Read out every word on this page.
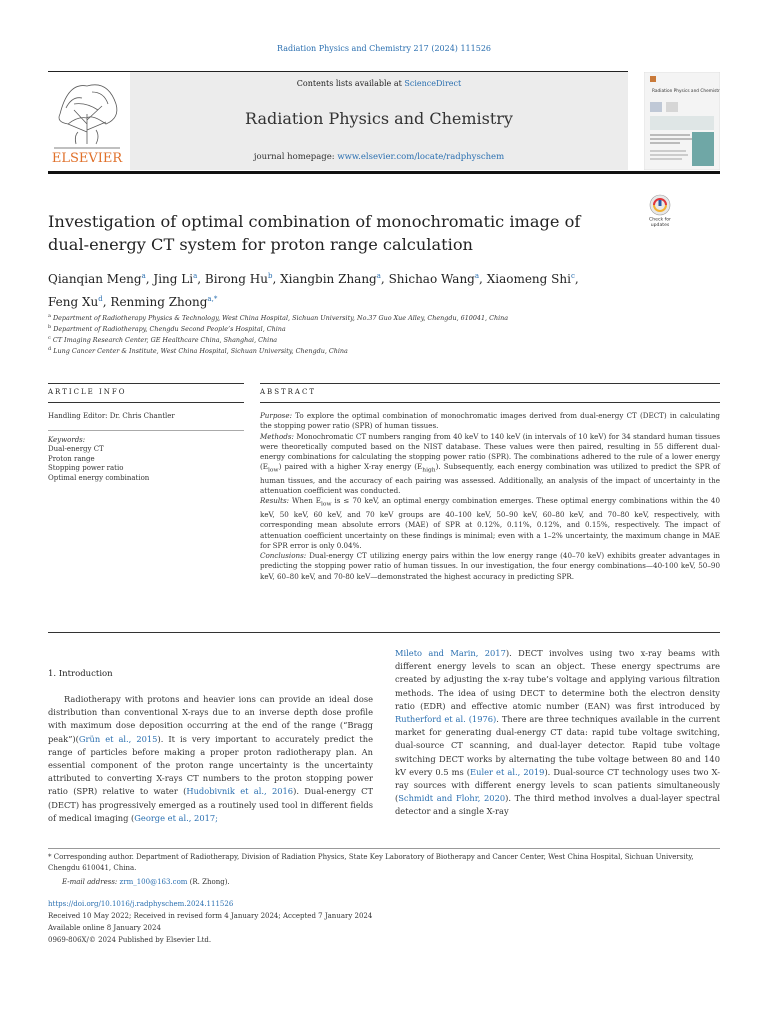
Radiation Physics and Chemistry 217 (2024) 111526
ELSEVIER
Contents lists available at ScienceDirect
Radiation Physics and Chemistry
journal homepage: www.elsevier.com/locate/radphyschem
Radiation Physics and Chemistry
Investigation of optimal combination of monochromatic image of
dual-energy CT system for proton range calculation
Check for
updates
Qianqian Meng$^a$, Jing Li$^a$, Birong Hu$^b$, Xiangbin Zhang$^a$, Shichao Wang$^a$, Xiaomeng Shi$^c$,
Feng Xu$^d$, Renming Zhong$^{a,*}$
$^a$ Department of Radiotherapy Physics & Technology, West China Hospital, Sichuan University, No.37 Guo Xue Alley, Chengdu, 610041, China
$^b$ Department of Radiotherapy, Chengdu Second People’s Hospital, China
$^c$ CT Imaging Research Center, GE Healthcare China, Shanghai, China
$^d$ Lung Cancer Center & Institute, West China Hospital, Sichuan University, Chengdu, China
ARTICLE INFO
Handling Editor: Dr. Chris Chantler
Keywords:
Dual-energy CT
Proton range
Stopping power ratio
Optimal energy combination
ABSTRACT

Purpose: To explore the optimal combination of monochromatic images derived from dual-energy CT (DECT) in calculating the stopping power ratio (SPR) of human tissues.

Methods: Monochromatic CT numbers ranging from 40 keV to 140 keV (in intervals of 10 keV) for 34 standard human tissues were theoretically computed based on the NIST database. These values were then paired, resulting in 55 different dual-energy combinations for calculating the stopping power ratio (SPR). The combinations adhered to the rule of a lower energy $(E_{low})$ paired with a higher X-ray energy $(E_{high})$. Subsequently, each energy combination was utilized to predict the SPR of human tissues, and the accuracy of each pairing was assessed. Additionally, an analysis of the impact of uncertainty in the attenuation coefficient was conducted.

Results: When $E_{low}$ is ≤ 70 keV, an optimal energy combination emerges. These optimal energy combinations within the 40 keV, 50 keV, 60 keV, and 70 keV groups are 40–100 keV, 50–90 keV, 60–80 keV, and 70–80 keV, respectively, with corresponding mean absolute errors (MAE) of SPR at 0.12%, 0.11%, 0.12%, and 0.15%, respectively. The impact of attenuation coefficient uncertainty on these findings is minimal; even with a 1–2% uncertainty, the maximum change in MAE for SPR error is only 0.04%.

Conclusions: Dual-energy CT utilizing energy pairs within the low energy range (40–70 keV) exhibits greater advantages in predicting the stopping power ratio of human tissues. In our investigation, the four energy combinations—40-100 keV, 50–90 keV, 60–80 keV, and 70-80 keV—demonstrated the highest accuracy in predicting SPR.

1. Introduction

Radiotherapy with protons and heavier ions can provide an ideal dose distribution than conventional X-rays due to an inverse depth dose profile with maximum dose deposition occurring at the end of the range (“Bragg peak”)(Grün et al., 2015). It is very important to accurately predict the range of particles before making a proper proton radiotherapy plan. An essential component of the proton range uncertainty is the uncertainty attributed to converting X-rays CT numbers to the proton stopping power ratio (SPR) relative to water (Hudobivnik et al., 2016). Dual-energy CT (DECT) has progressively emerged as a routinely used tool in different fields of medical imaging (George et al., 2017;

Mileto and Marin, 2017). DECT involves using two x-ray beams with different energy levels to scan an object. These energy spectrums are created by adjusting the x-ray tube’s voltage and applying various filtration methods. The idea of using DECT to determine both the electron density ratio (EDR) and effective atomic number (EAN) was first introduced by Rutherford et al. (1976). There are three techniques available in the current market for generating dual-energy CT data: rapid tube voltage switching, dual-source CT scanning, and dual-layer detector. Rapid tube voltage switching DECT works by alternating the tube voltage between 80 and 140 kV every 0.5 ms (Euler et al., 2019). Dual-source CT technology uses two X-ray sources with different energy levels to scan patients simultaneously (Schmidt and Flohr, 2020). The third method involves a dual-layer spectral detector and a single X-ray

* Corresponding author. Department of Radiotherapy, Division of Radiation Physics, State Key Laboratory of Biotherapy and Cancer Center, West China Hospital, Sichuan University, Chengdu 610041, China.
E-mail address: zrm_100@163.com (R. Zhong).
https://doi.org/10.1016/j.radphyschem.2024.111526
Received 10 May 2022; Received in revised form 4 January 2024; Accepted 7 January 2024
Available online 8 January 2024
0969-806X/© 2024 Published by Elsevier Ltd.
